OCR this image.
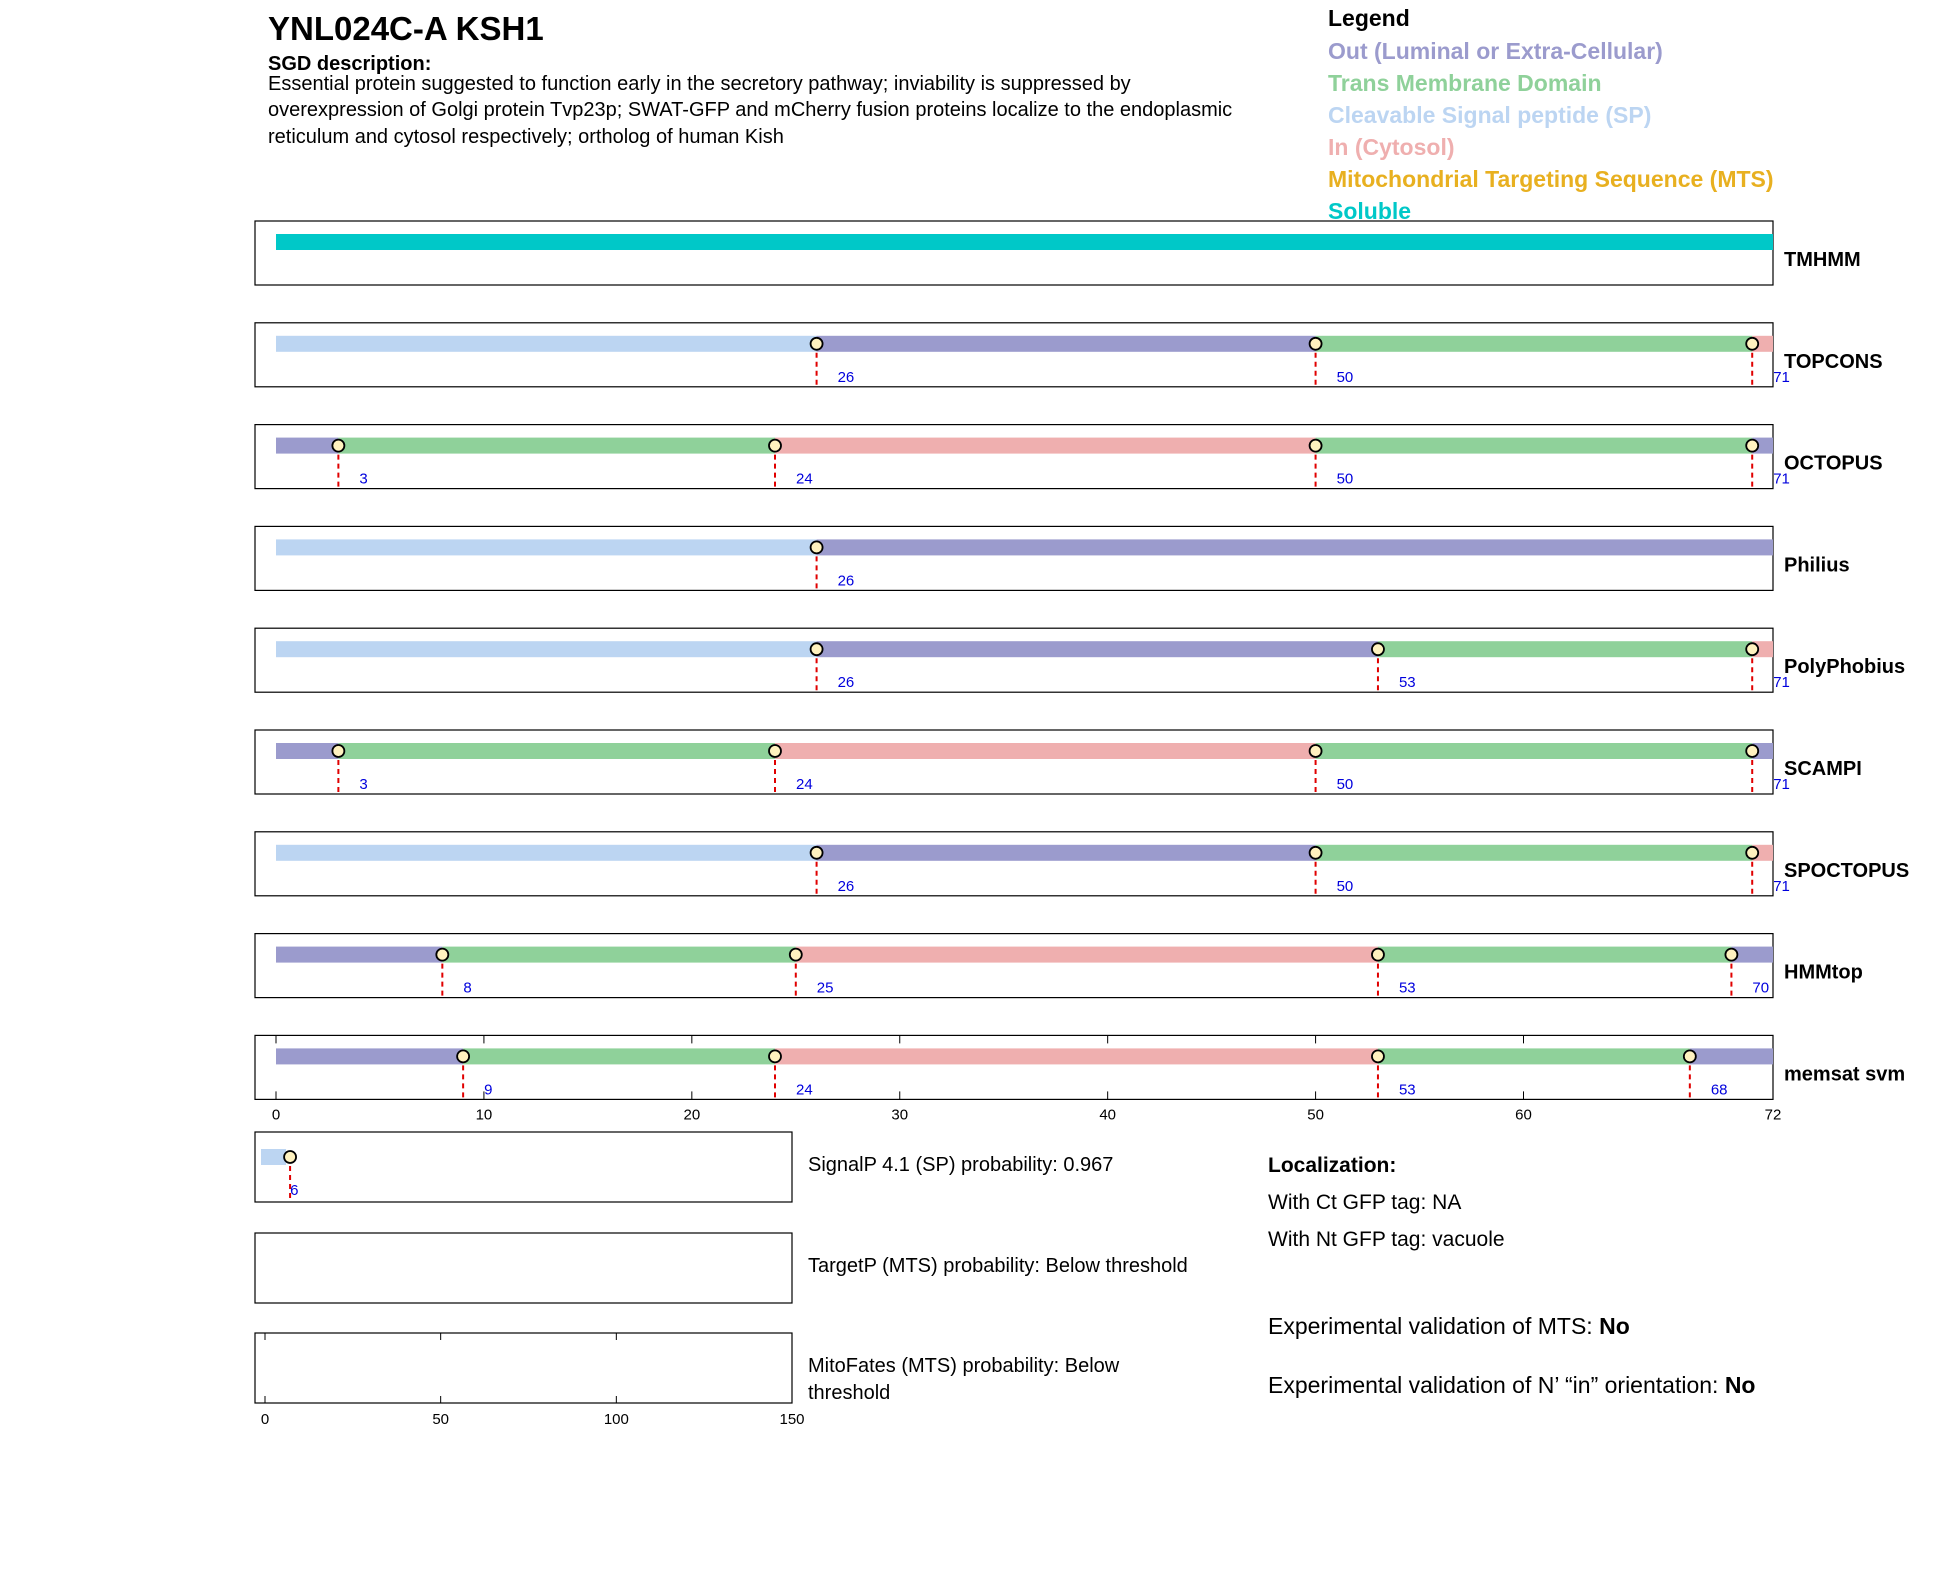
YNL024C-A KSH1
SGD description:
Essential protein suggested to function early in the secretory pathway; inviability is suppressed by
overexpression of Golgi protein Tvp23p; SWAT-GFP and mCherry fusion proteins localize to the endoplasmic
reticulum and cytosol respectively; ortholog of human Kish
Legend
Out (Luminal or Extra-Cellular)
Trans Membrane Domain
Cleavable Signal peptide (SP)
In (Cytosol)
Mitochondrial Targeting Sequence (MTS)
Soluble
TMHMM
26	50	71
TOPCONS
3	24	50	71
OCTOPUS
26
Philius
26	53	71
PolyPhobius
3	24	50	71
SCAMPI
26	50	71
SPOCTOPUS
8	25	53	70
HMMtop
9	24	53	68
memsat svm
0	10	20	30	40	50	60	72
6
SignalP 4.1 (SP) probability: 0.967
TargetP (MTS) probability: Below threshold
MitoFates (MTS) probability: Below
threshold
0	50	100	150
Localization:
With Ct GFP tag: NA
With Nt GFP tag: vacuole
Experimental validation of MTS: No
Experimental validation of N’ “in” orientation: No
